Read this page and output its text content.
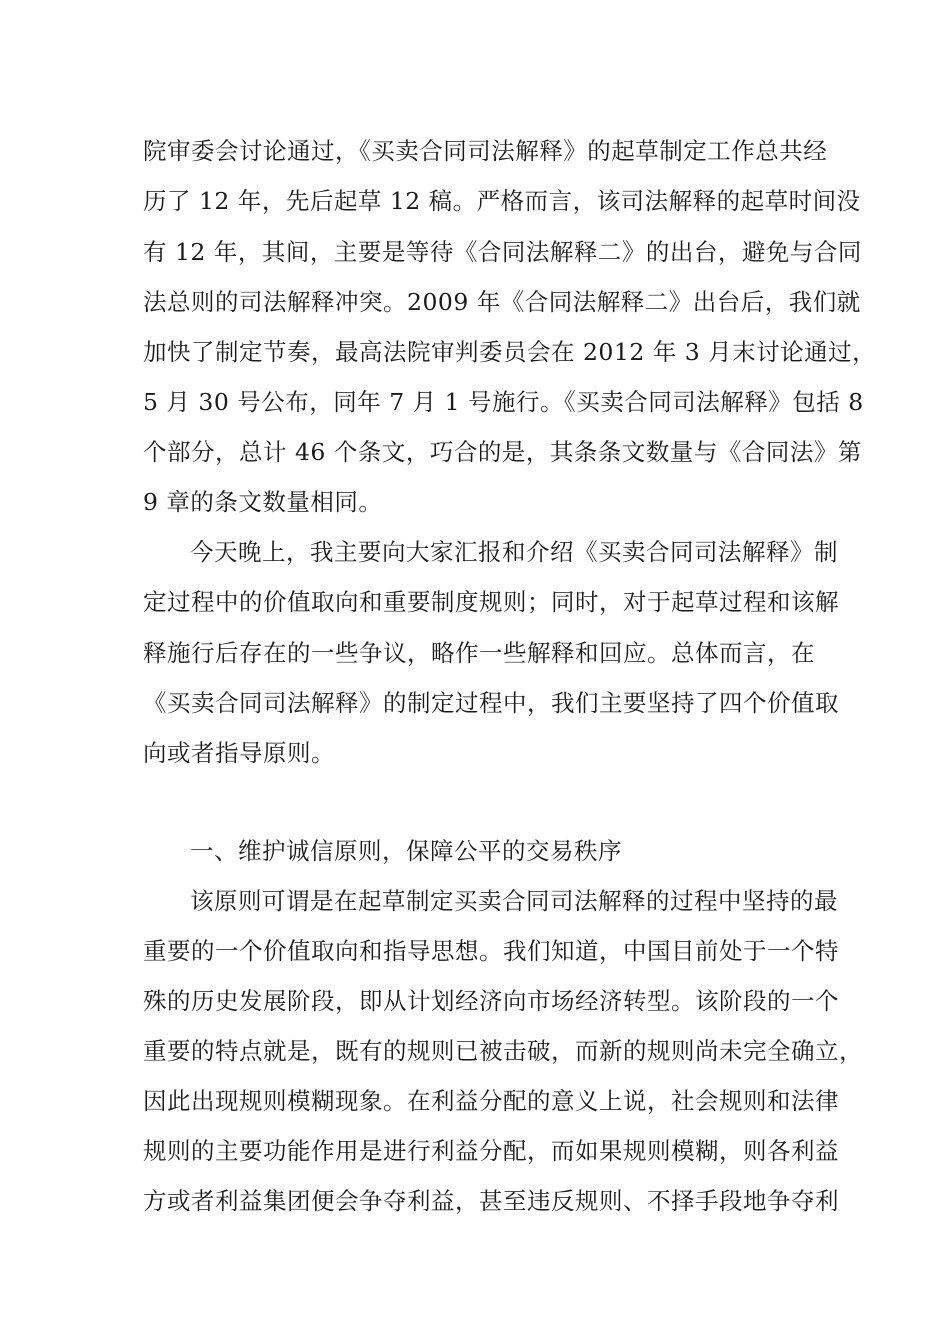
院审委会讨论通过，《买卖合同司法解释》的起草制定工作总共经
历了 12 年，先后起草 12 稿。严格而言，该司法解释的起草时间没
有 12 年，其间，主要是等待《合同法解释二》的出台，避免与合同
法总则的司法解释冲突。2009 年《合同法解释二》出台后，我们就
加快了制定节奏，最高法院审判委员会在 2012 年 3 月末讨论通过，
5 月 30 号公布，同年 7 月 1 号施行。《买卖合同司法解释》包括 8
个部分，总计 46 个条文，巧合的是，其条条文数量与《合同法》第
9 章的条文数量相同。
今天晚上，我主要向大家汇报和介绍《买卖合同司法解释》制
定过程中的价值取向和重要制度规则；同时，对于起草过程和该解
释施行后存在的一些争议，略作一些解释和回应。总体而言，在
《买卖合同司法解释》的制定过程中，我们主要坚持了四个价值取
向或者指导原则。
一、维护诚信原则，保障公平的交易秩序
该原则可谓是在起草制定买卖合同司法解释的过程中坚持的最
重要的一个价值取向和指导思想。我们知道，中国目前处于一个特
殊的历史发展阶段，即从计划经济向市场经济转型。该阶段的一个
重要的特点就是，既有的规则已被击破，而新的规则尚未完全确立，
因此出现规则模糊现象。在利益分配的意义上说，社会规则和法律
规则的主要功能作用是进行利益分配，而如果规则模糊，则各利益
方或者利益集团便会争夺利益，甚至违反规则、不择手段地争夺利
